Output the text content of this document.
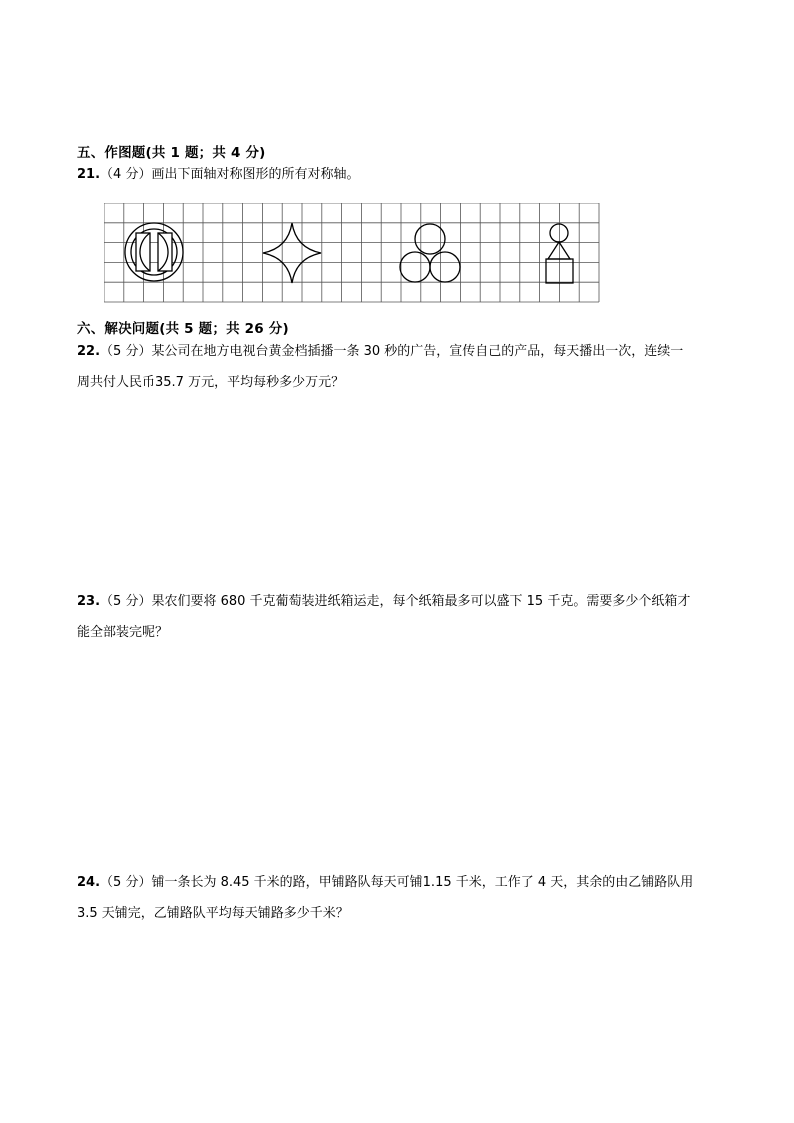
五、作图题(共 1 题；共 4 分)
21.（4 分）画出下面轴对称图形的所有对称轴。
六、解决问题(共 5 题；共 26 分)
22.（5 分）某公司在地方电视台黄金档插播一条 30 秒的广告，宣传自己的产品，每天播出一次，连续一
周共付人民币35.7 万元，平均每秒多少万元？
23.（5 分）果农们要将 680 千克葡萄装进纸箱运走，每个纸箱最多可以盛下 15 千克。需要多少个纸箱才
能全部装完呢？
24.（5 分）铺一条长为 8.45 千米的路，甲铺路队每天可铺1.15 千米，工作了 4 天，其余的由乙铺路队用
3.5 天铺完，乙铺路队平均每天铺路多少千米？
